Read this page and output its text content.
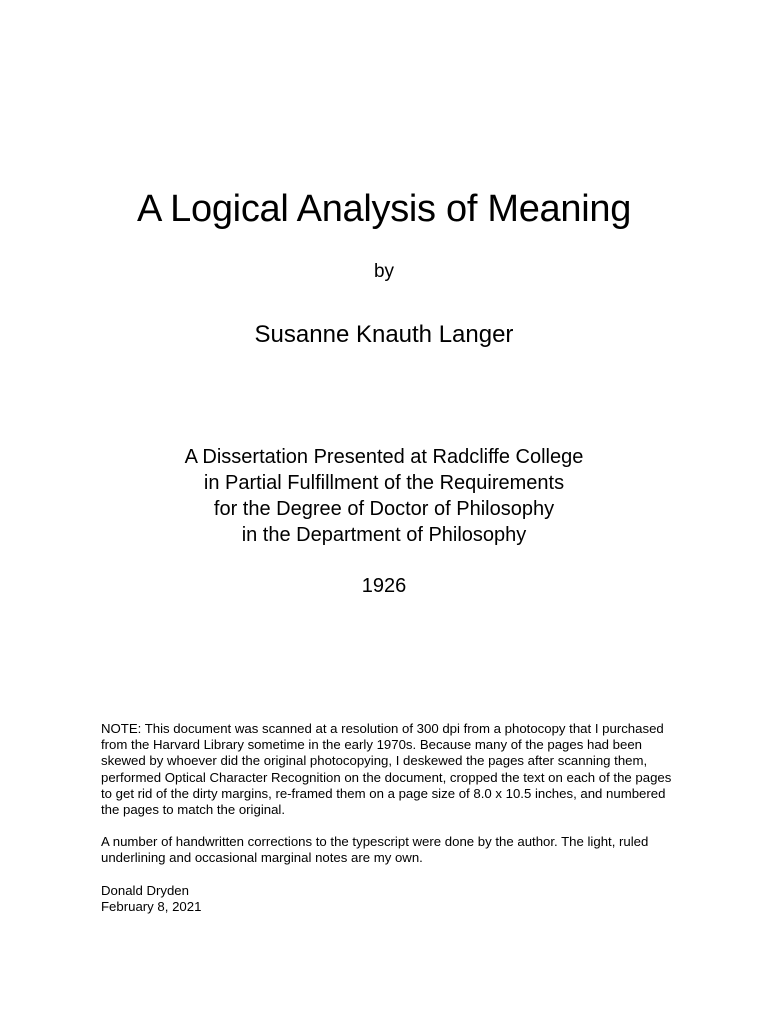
A Logical Analysis of Meaning
by
Susanne Knauth Langer
A Dissertation Presented at Radcliffe College
in Partial Fulfillment of the Requirements
for the Degree of Doctor of Philosophy
in the Department of Philosophy
1926

NOTE: This document was scanned at a resolution of 300 dpi from a photocopy that I purchased
from the Harvard Library sometime in the early 1970s. Because many of the pages had been
skewed by whoever did the original photocopying, I deskewed the pages after scanning them,
performed Optical Character Recognition on the document, cropped the text on each of the pages
to get rid of the dirty margins, re-framed them on a page size of 8.0 x 10.5 inches, and numbered
the pages to match the original.

A number of handwritten corrections to the typescript were done by the author. The light, ruled
underlining and occasional marginal notes are my own.

Donald Dryden
February 8, 2021
